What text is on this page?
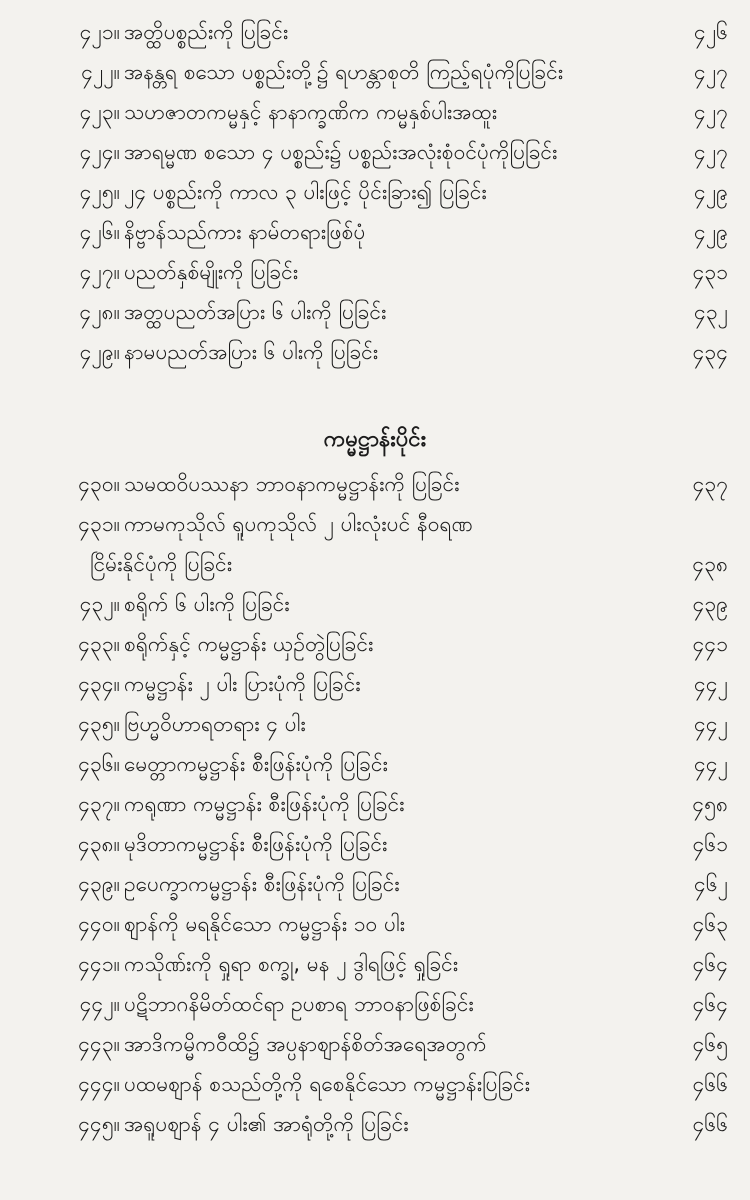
၄၂၁။ အတ္ထိပစ္စည်းကို ပြခြင်း	၄၂၆
၄၂၂။ အနန္တရ စသော ပစ္စည်းတို့၌ ရဟန္တာစုတိ ကြည့်ရပုံကိုပြခြင်း	၄၂၇
၄၂၃။ သဟဇာတကမ္မနှင့် နာနာက္ခဏိက ကမ္မနှစ်ပါးအထူး	၄၂၇
၄၂၄။ အာရမ္မဏ စသော ၄ ပစ္စည်း၌ ပစ္စည်းအလုံးစုံဝင်ပုံကိုပြခြင်း	၄၂၇
၄၂၅။ ၂၄ ပစ္စည်းကို ကာလ ၃ ပါးဖြင့် ပိုင်းခြား၍ ပြခြင်း	၄၂၉
၄၂၆။ နိဗ္ဗာန်သည်ကား နာမ်တရားဖြစ်ပုံ	၄၂၉
၄၂၇။ ပညတ်နှစ်မျိုးကို ပြခြင်း	၄၃၁
၄၂၈။ အတ္ထပညတ်အပြား ၆ ပါးကို ပြခြင်း	၄၃၂
၄၂၉။ နာမပညတ်အပြား ၆ ပါးကို ပြခြင်း	၄၃၄
ကမ္မဋ္ဌာန်းပိုင်း
၄၃၀။ သမထဝိပဿနာ ဘာဝနာကမ္မဋ္ဌာန်းကို ပြခြင်း	၄၃၇
၄၃၁။ ကာမကုသိုလ် ရူပကုသိုလ် ၂ ပါးလုံးပင် နီဝရဏ
ငြိမ်းနိုင်ပုံကို ပြခြင်း	၄၃၈
၄၃၂။ စရိုက် ၆ ပါးကို ပြခြင်း	၄၃၉
၄၃၃။ စရိုက်နှင့် ကမ္မဋ္ဌာန်း ယှဉ်တွဲပြခြင်း	၄၄၁
၄၃၄။ ကမ္မဋ္ဌာန်း ၂ ပါး ပြားပုံကို ပြခြင်း	၄၄၂
၄၃၅။ ဗြဟ္မဝိဟာရတရား ၄ ပါး	၄၄၂
၄၃၆။ မေတ္တာကမ္မဋ္ဌာန်း စီးဖြန်းပုံကို ပြခြင်း	၄၄၂
၄၃၇။ ကရုဏာ ကမ္မဋ္ဌာန်း စီးဖြန်းပုံကို ပြခြင်း	၄၅၈
၄၃၈။ မုဒိတာကမ္မဋ္ဌာန်း စီးဖြန်းပုံကို ပြခြင်း	၄၆၁
၄၃၉။ ဥပေက္ခာကမ္မဋ္ဌာန်း စီးဖြန်းပုံကို ပြခြင်း	၄၆၂
၄၄၀။ ဈာန်ကို မရနိုင်သော ကမ္မဋ္ဌာန်း ၁၀ ပါး	၄၆၃
၄၄၁။ ကသိုဏ်းကို ရှုရာ စက္ခု, မန ၂ ဒွါရဖြင့် ရှုခြင်း	၄၆၄
၄၄၂။ ပဋိဘာဂနိမိတ်ထင်ရာ ဥပစာရ ဘာဝနာဖြစ်ခြင်း	၄၆၄
၄၄၃။ အာဒိကမ္မိကဝီထိ၌ အပ္ပနာဈာန်စိတ်အရေအတွက်	၄၆၅
၄၄၄။ ပထမဈာန် စသည်တို့ကို ရစေနိုင်သော ကမ္မဋ္ဌာန်းပြခြင်း	၄၆၆
၄၄၅။ အရူပဈာန် ၄ ပါး၏ အာရုံတို့ကို ပြခြင်း	၄၆၆
